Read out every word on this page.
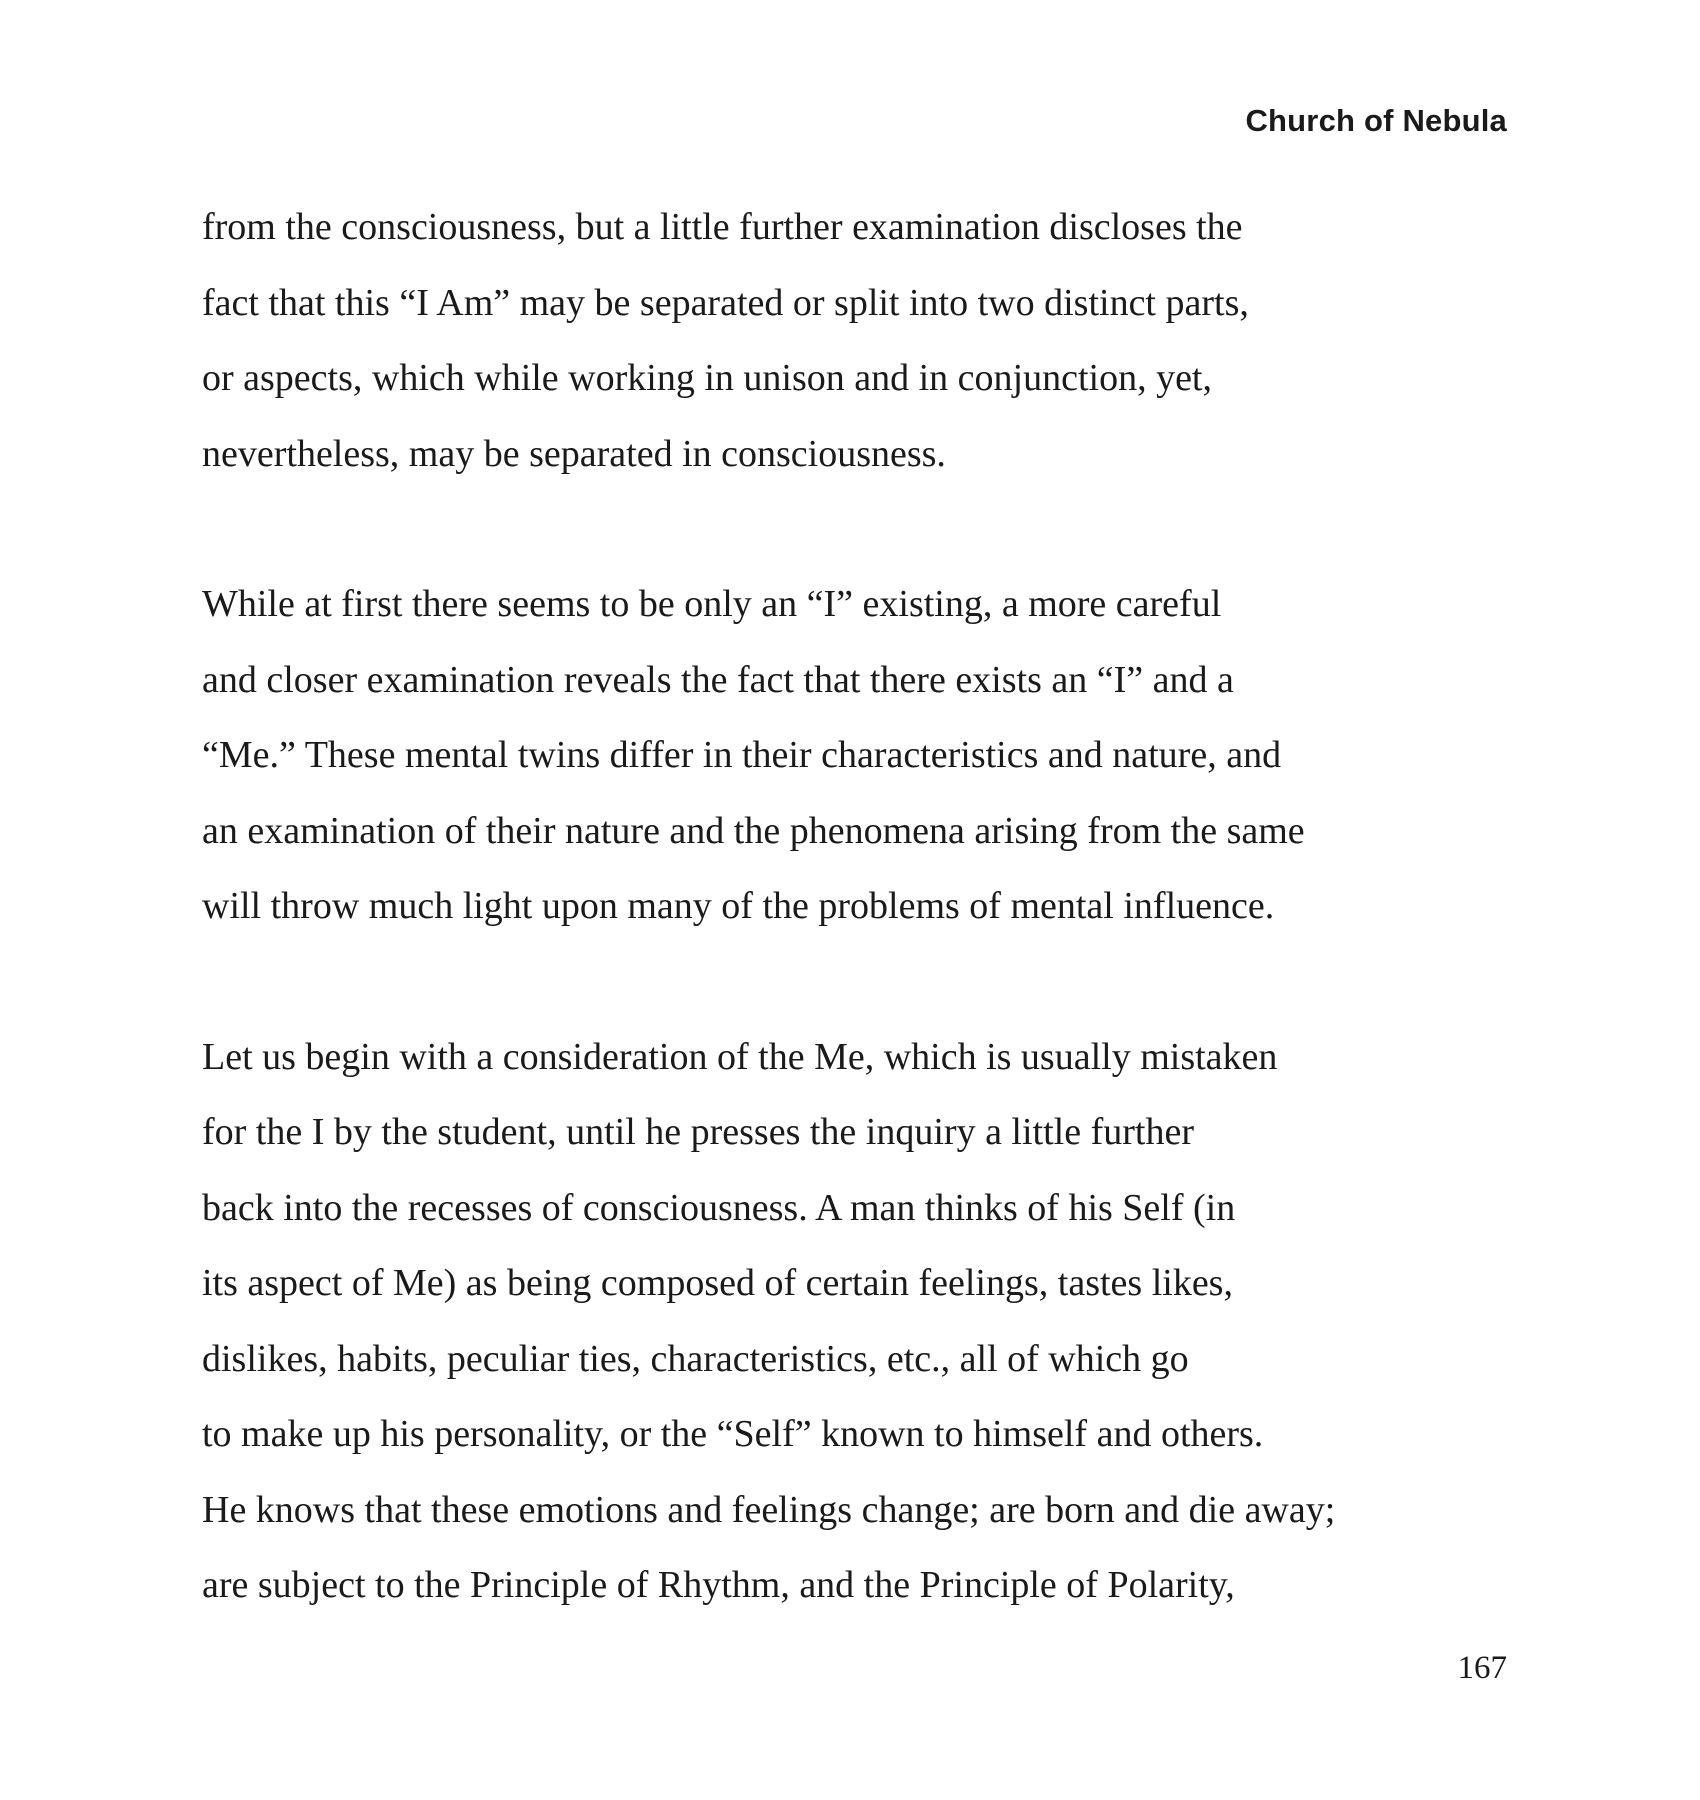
Church of Nebula
from the consciousness, but a little further examination discloses the
fact that this “I Am” may be separated or split into two distinct parts,
or aspects, which while working in unison and in conjunction, yet,
nevertheless, may be separated in consciousness.
While at first there seems to be only an “I” existing, a more careful
and closer examination reveals the fact that there exists an “I” and a
“Me.” These mental twins differ in their characteristics and nature, and
an examination of their nature and the phenomena arising from the same
will throw much light upon many of the problems of mental influence.
Let us begin with a consideration of the Me, which is usually mistaken
for the I by the student, until he presses the inquiry a little further
back into the recesses of consciousness. A man thinks of his Self (in
its aspect of Me) as being composed of certain feelings, tastes likes,
dislikes, habits, peculiar ties, characteristics, etc., all of which go
to make up his personality, or the “Self” known to himself and others.
He knows that these emotions and feelings change; are born and die away;
are subject to the Principle of Rhythm, and the Principle of Polarity,
167
